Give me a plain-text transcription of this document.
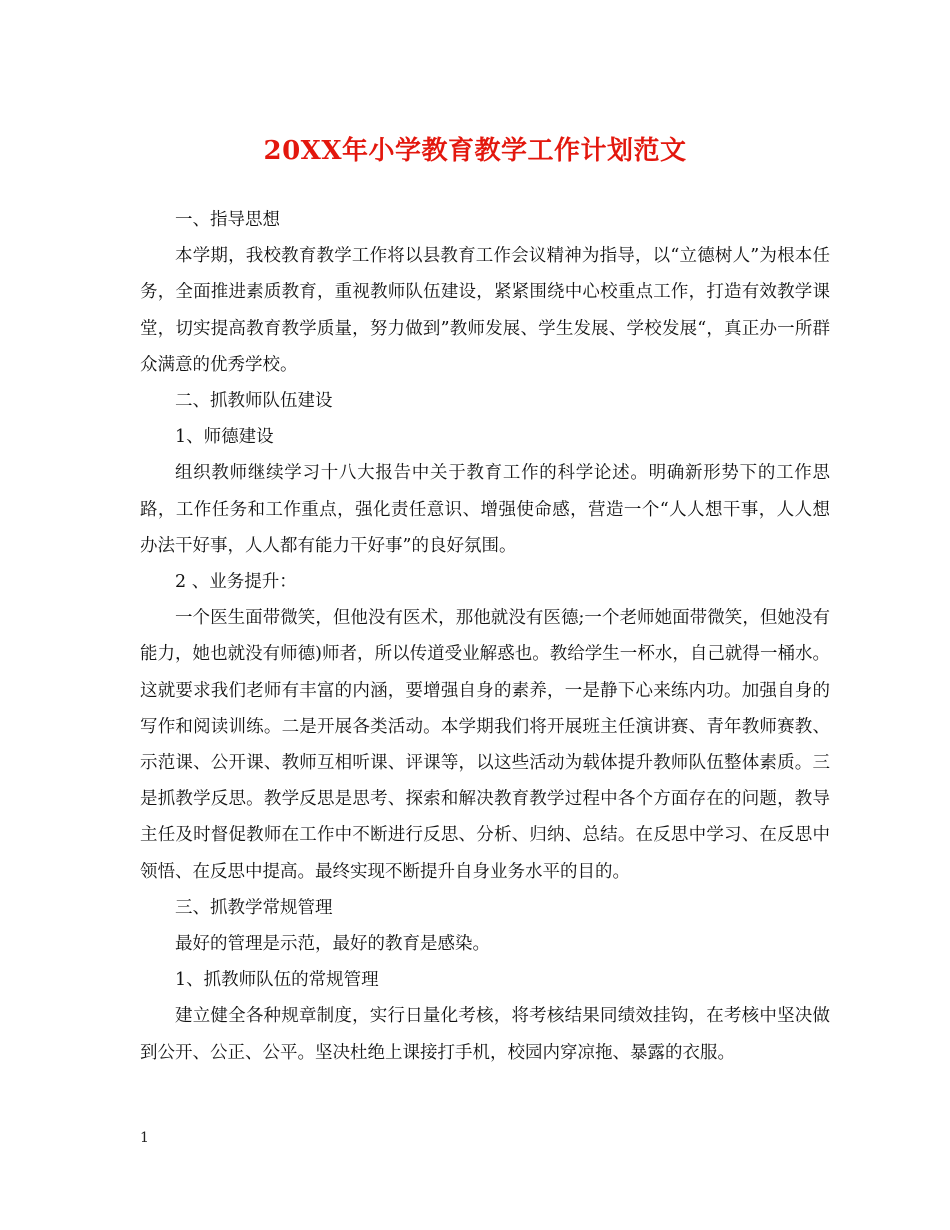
20XX年小学教育教学工作计划范文

一、指导思想

本学期，我校教育教学工作将以县教育工作会议精神为指导，以“立德树人”为根本任务，全面推进素质教育，重视教师队伍建设，紧紧围绕中心校重点工作，打造有效教学课堂，切实提高教育教学质量，努力做到”教师发展、学生发展、学校发展“，真正办一所群众满意的优秀学校。

二、抓教师队伍建设

1、师德建设

组织教师继续学习十八大报告中关于教育工作的科学论述。明确新形势下的工作思路，工作任务和工作重点，强化责任意识、增强使命感，营造一个“人人想干事，人人想办法干好事，人人都有能力干好事”的良好氛围。

2 、业务提升：

一个医生面带微笑，但他没有医术，那他就没有医德;一个老师她面带微笑，但她没有能力，她也就没有师德)师者，所以传道受业解惑也。教给学生一杯水，自己就得一桶水。这就要求我们老师有丰富的内涵，要增强自身的素养，一是静下心来练内功。加强自身的写作和阅读训练。二是开展各类活动。本学期我们将开展班主任演讲赛、青年教师赛教、示范课、公开课、教师互相听课、评课等，以这些活动为载体提升教师队伍整体素质。三是抓教学反思。教学反思是思考、探索和解决教育教学过程中各个方面存在的问题，教导主任及时督促教师在工作中不断进行反思、分析、归纳、总结。在反思中学习、在反思中领悟、在反思中提高。最终实现不断提升自身业务水平的目的。

三、抓教学常规管理

最好的管理是示范，最好的教育是感染。

1、抓教师队伍的常规管理

建立健全各种规章制度，实行日量化考核，将考核结果同绩效挂钩，在考核中坚决做到公开、公正、公平。坚决杜绝上课接打手机，校园内穿凉拖、暴露的衣服。

1
